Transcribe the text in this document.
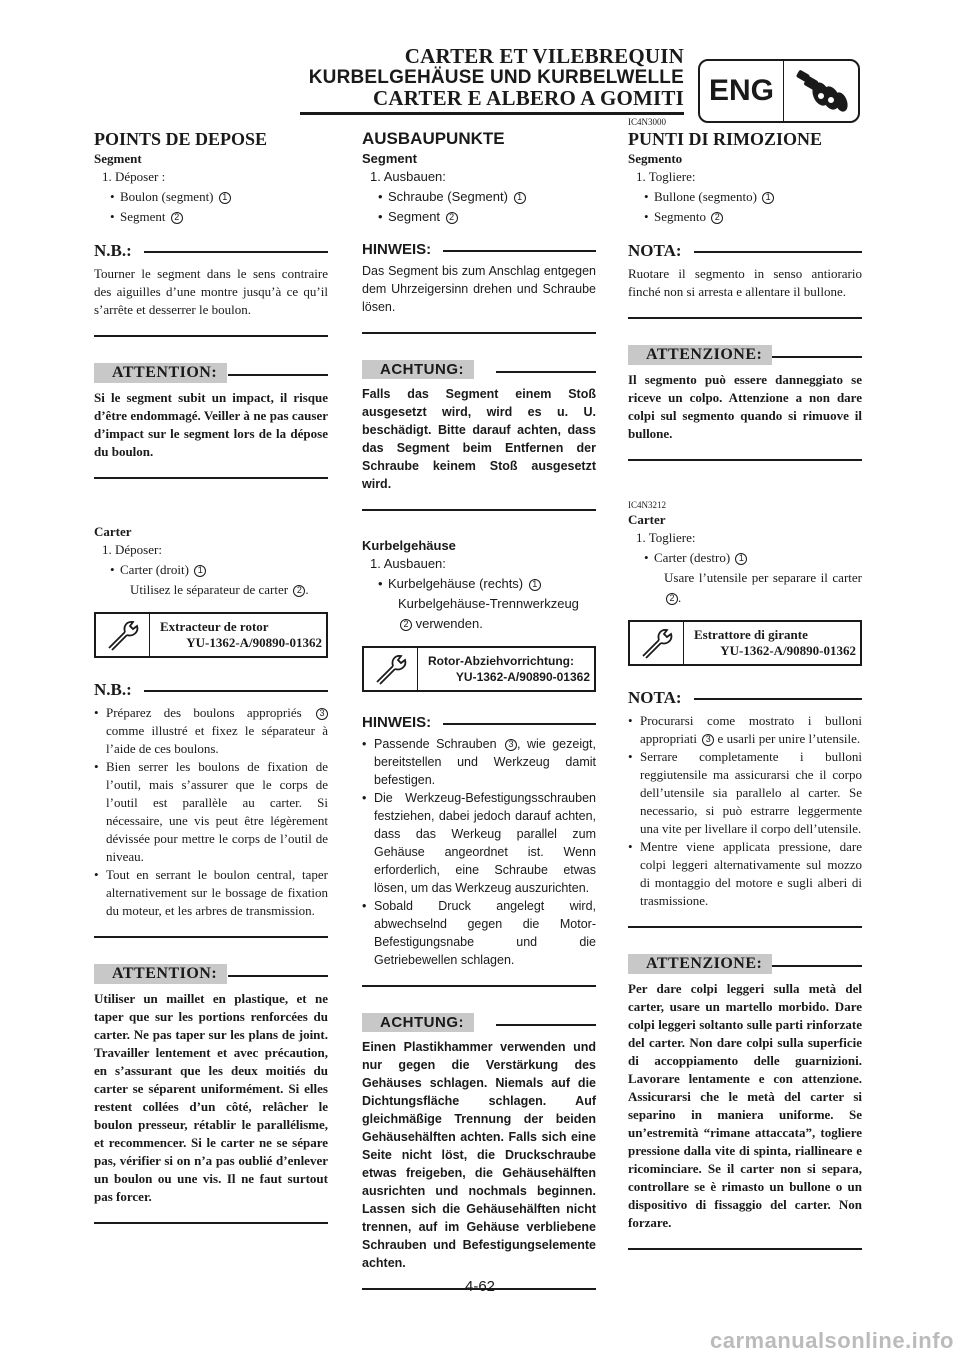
CARTER ET VILEBREQUIN
KURBELGEHÄUSE UND KURBELWELLE
CARTER E ALBERO A GOMITI ENG
POINTS DE DEPOSE
Segment
1. Déposer :
• Boulon (segment) 1
• Segment 2
N.B.:
Tourner le segment dans le sens contraire des aiguilles d’une montre jusqu’à ce qu’il s’arrête et desserrer le boulon.
ATTENTION:
Si le segment subit un impact, il risque d’être endommagé. Veiller à ne pas causer d’impact sur le segment lors de la dépose du boulon.
Carter
1. Déposer:
• Carter (droit) 1
Utilisez le séparateur de carter 2 .
Extracteur de rotor
YU-1362-A/90890-01362
N.B.:
• Préparez des boulons appropriés 3 comme illustré et fixez le séparateur à l’aide de ces boulons.
• Bien serrer les boulons de fixation de l’outil, mais s’assurer que le corps de l’outil est parallèle au carter. Si nécessaire, une vis peut être légèrement dévissée pour mettre le corps de l’outil de niveau.
• Tout en serrant le boulon central, taper alternativement sur le bossage de fixation du moteur, et les arbres de transmission.
ATTENTION:
Utiliser un maillet en plastique, et ne taper que sur les portions renforcées du carter. Ne pas taper sur les plans de joint. Travailler lentement et avec précaution, en s’assurant que les deux moitiés du carter se séparent uniformément. Si elles restent collées d’un côté, relâcher le boulon presseur, rétablir le parallélisme, et recommencer. Si le carter ne se sépare pas, vérifier si on n’a pas oublié d’enlever un boulon ou une vis. Il ne faut surtout pas forcer.
AUSBAUPUNKTE
Segment
1. Ausbauen:
• Schraube (Segment) 1
• Segment 2
HINWEIS:
Das Segment bis zum Anschlag entgegen dem Uhrzeigersinn drehen und Schraube lösen.
ACHTUNG:
Falls das Segment einem Stoß ausgesetzt wird, wird es u. U. beschädigt. Bitte darauf achten, dass das Segment beim Entfernen der Schraube keinem Stoß ausgesetzt wird.
Kurbelgehäuse
1. Ausbauen:
• Kurbelgehäuse (rechts) 1
Kurbelgehäuse-Trennwerkzeug 2 verwenden.
Rotor-Abziehvorrichtung:
YU-1362-A/90890-01362
HINWEIS:
• Passende Schrauben 3 , wie gezeigt, bereitstellen und Werkzeug damit befestigen.
• Die Werkzeug-Befestigungsschrauben festziehen, dabei jedoch darauf achten, dass das Werkeug parallel zum Gehäuse angeordnet ist. Wenn erforderlich, eine Schraube etwas lösen, um das Werkzeug auszurichten.
• Sobald Druck angelegt wird, abwechselnd gegen die Motor-Befestigungsnabe und die Getriebewellen schlagen.
ACHTUNG:
Einen Plastikhammer verwenden und nur gegen die Verstärkung des Gehäuses schlagen. Niemals auf die Dichtungsfläche schlagen. Auf gleichmäßige Trennung der beiden Gehäusehälften achten. Falls sich eine Seite nicht löst, die Druckschraube etwas freigeben, die Gehäusehälften ausrichten und nochmals beginnen. Lassen sich die Gehäusehälften nicht trennen, auf im Gehäuse verbliebene Schrauben und Befestigungselemente achten.
IC4N3000
PUNTI DI RIMOZIONE
Segmento
1. Togliere:
• Bullone (segmento) 1
• Segmento 2
NOTA:
Ruotare il segmento in senso antiorario finché non si arresta e allentare il bullone.
ATTENZIONE:
Il segmento può essere danneggiato se riceve un colpo. Attenzione a non dare colpi sul segmento quando si rimuove il bullone.
IC4N3212
Carter
1. Togliere:
• Carter (destro) 1
Usare l’utensile per separare il carter 2 .
Estrattore di girante
YU-1362-A/90890-01362
NOTA:
• Procurarsi come mostrato i bulloni appropriati 3 e usarli per unire l’utensile.
• Serrare completamente i bulloni reggiutensile ma assicurarsi che il corpo dell’utensile sia parallelo al carter. Se necessario, si può estrarre leggermente una vite per livellare il corpo dell’utensile.
• Mentre viene applicata pressione, dare colpi leggeri alternativamente sul mozzo di montaggio del motore e sugli alberi di trasmissione.
ATTENZIONE:
Per dare colpi leggeri sulla metà del carter, usare un martello morbido. Dare colpi leggeri soltanto sulle parti rinforzate del carter. Non dare colpi sulla superficie di accoppiamento delle guarnizioni. Lavorare lentamente e con attenzione. Assicurarsi che le metà del carter si separino in maniera uniforme. Se un’estremità “rimane attaccata”, togliere pressione dalla vite di spinta, riallineare e ricominciare. Se il carter non si separa, controllare se è rimasto un bullone o un dispositivo di fissaggio del carter. Non forzare.
4-62
carmanualsonline.info
